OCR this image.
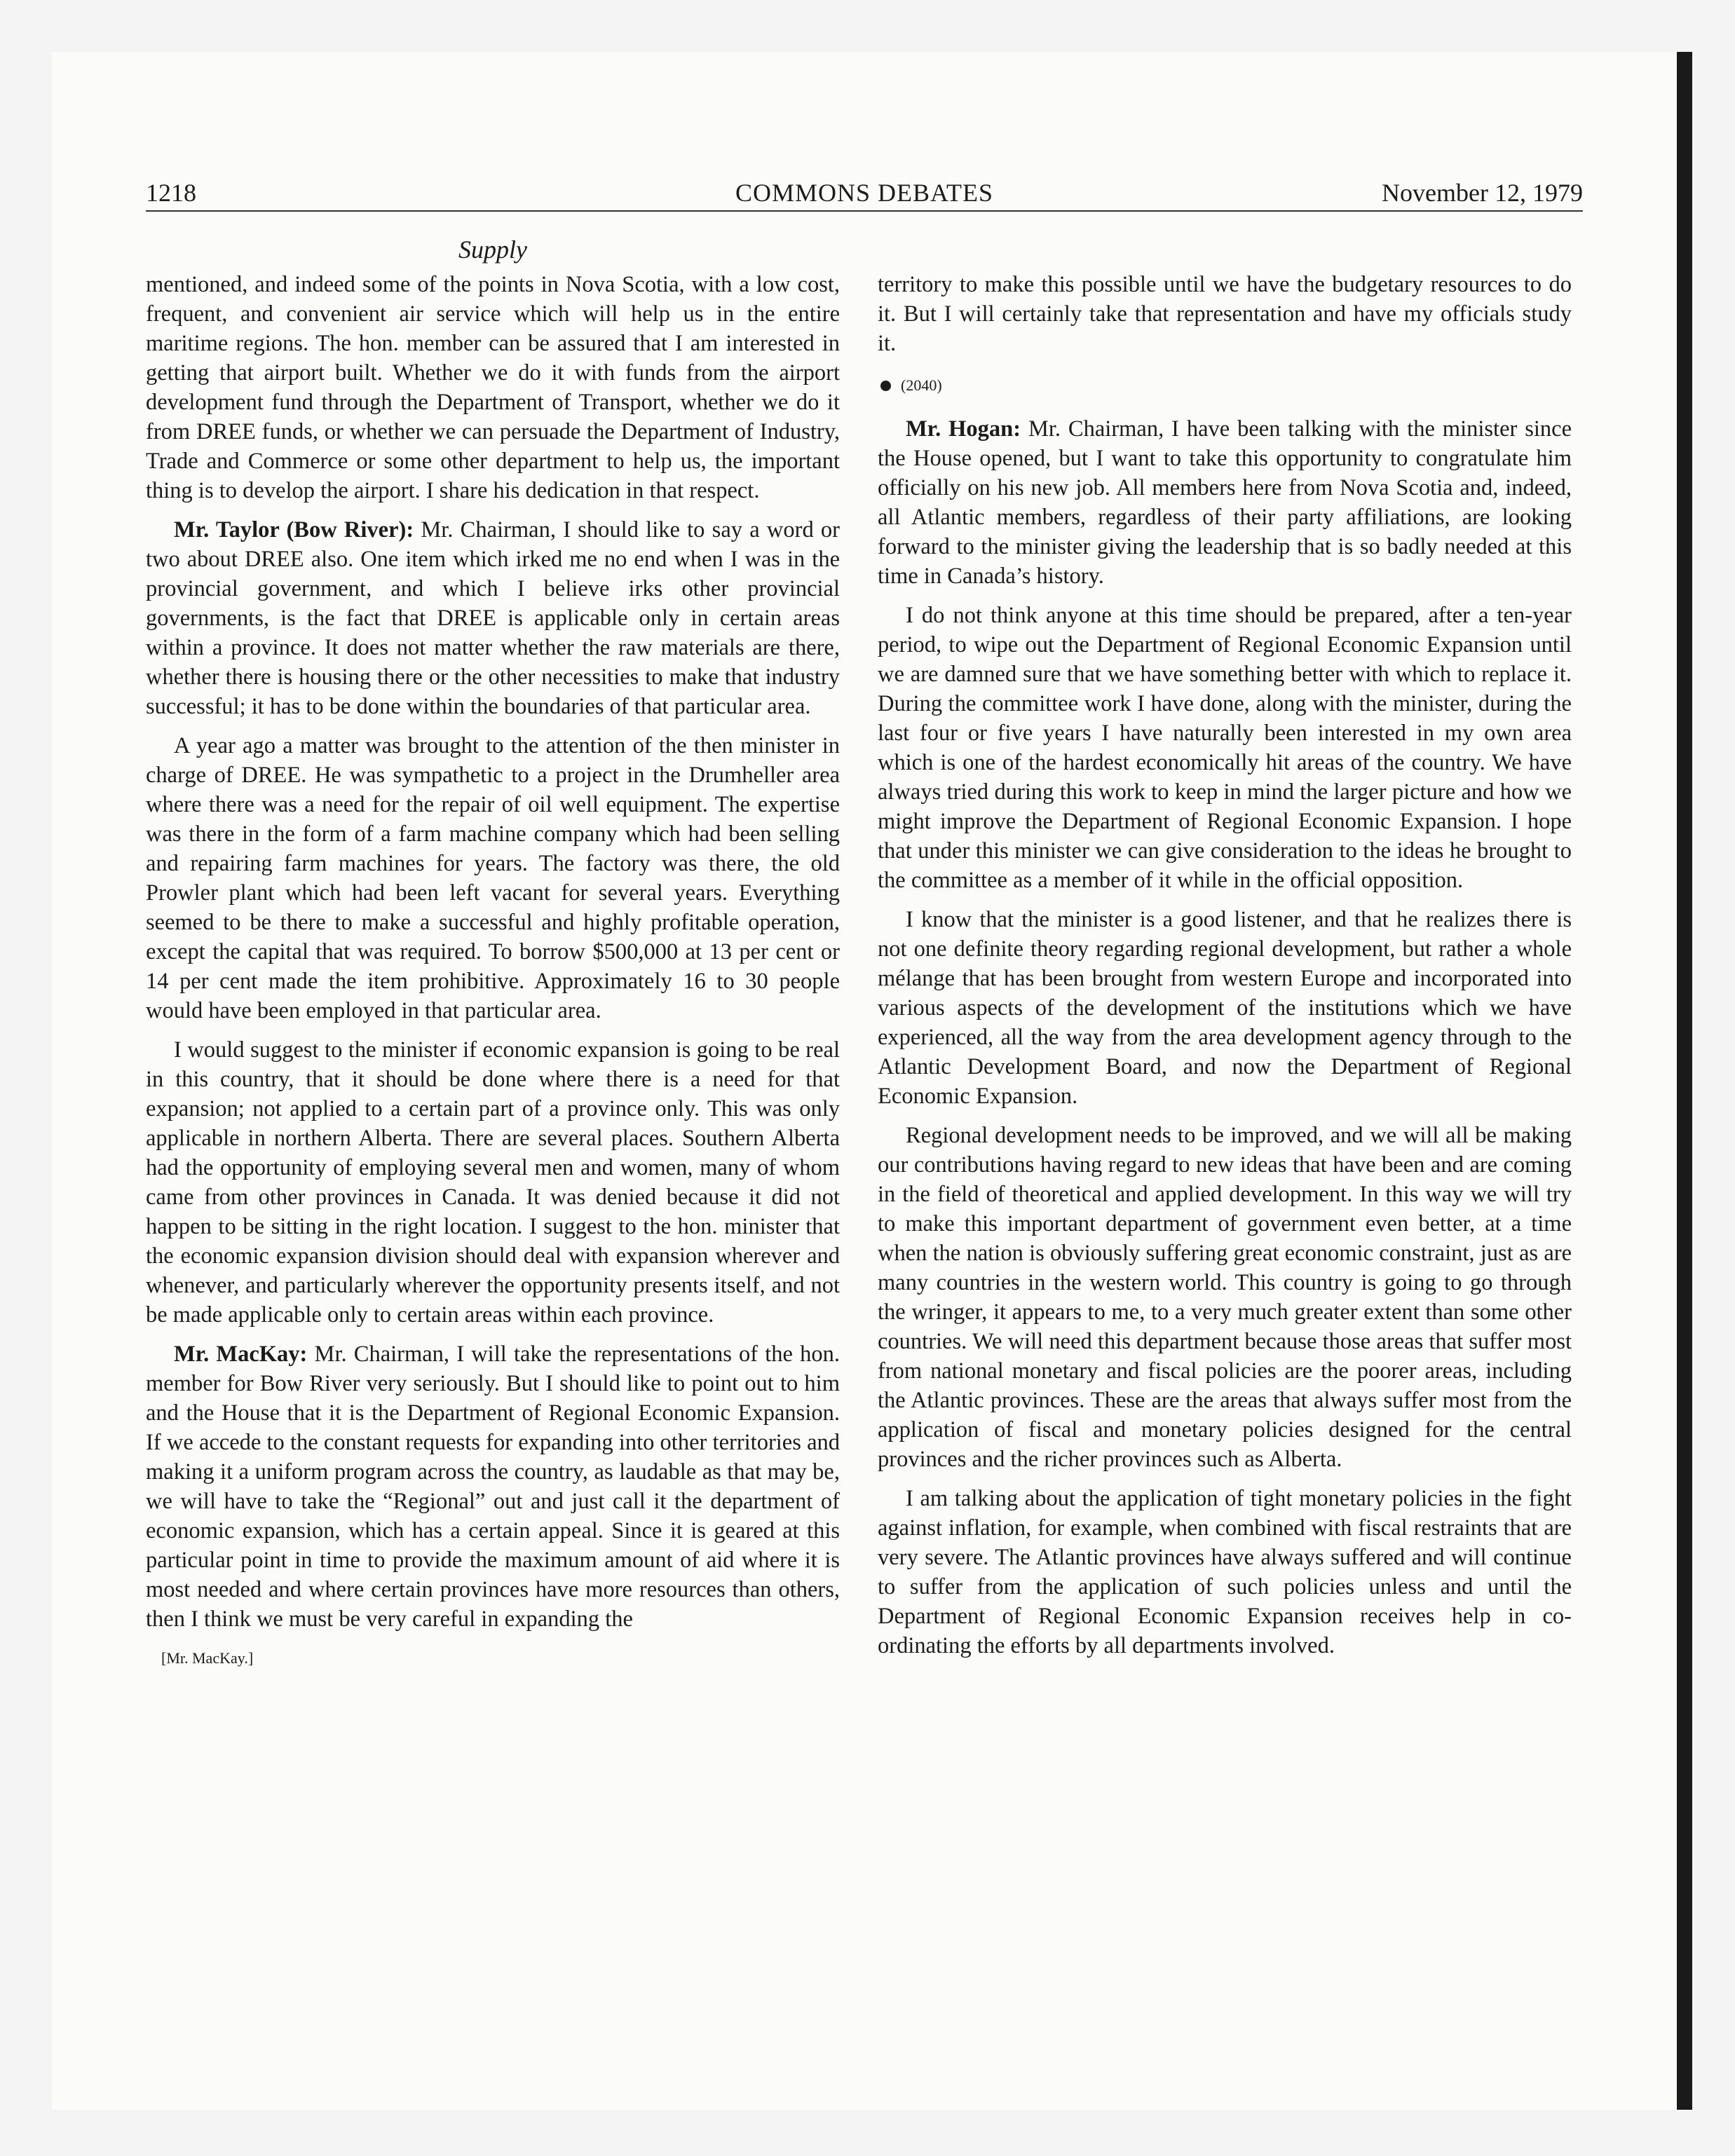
1218	COMMONS DEBATES	November 12, 1979
Supply

mentioned, and indeed some of the points in Nova Scotia, with a low cost, frequent, and convenient air service which will help us in the entire maritime regions. The hon. member can be assured that I am interested in getting that airport built. Whether we do it with funds from the airport development fund through the Department of Transport, whether we do it from DREE funds, or whether we can persuade the Department of Industry, Trade and Commerce or some other department to help us, the important thing is to develop the airport. I share his dedication in that respect.

Mr. Taylor (Bow River): Mr. Chairman, I should like to say a word or two about DREE also. One item which irked me no end when I was in the provincial government, and which I believe irks other provincial governments, is the fact that DREE is applicable only in certain areas within a province. It does not matter whether the raw materials are there, whether there is housing there or the other necessities to make that industry successful; it has to be done within the boundaries of that particular area.

A year ago a matter was brought to the attention of the then minister in charge of DREE. He was sympathetic to a project in the Drumheller area where there was a need for the repair of oil well equipment. The expertise was there in the form of a farm machine company which had been selling and repairing farm machines for years. The factory was there, the old Prowler plant which had been left vacant for several years. Everything seemed to be there to make a successful and highly profitable operation, except the capital that was required. To borrow $500,000 at 13 per cent or 14 per cent made the item prohibitive. Approximately 16 to 30 people would have been employed in that particular area.

I would suggest to the minister if economic expansion is going to be real in this country, that it should be done where there is a need for that expansion; not applied to a certain part of a province only. This was only applicable in northern Alberta. There are several places. Southern Alberta had the opportunity of employing several men and women, many of whom came from other provinces in Canada. It was denied because it did not happen to be sitting in the right location. I suggest to the hon. minister that the economic expansion division should deal with expansion wherever and whenever, and particularly wherever the opportunity presents itself, and not be made applicable only to certain areas within each province.

Mr. MacKay: Mr. Chairman, I will take the representations of the hon. member for Bow River very seriously. But I should like to point out to him and the House that it is the Department of Regional Economic Expansion. If we accede to the constant requests for expanding into other territories and making it a uniform program across the country, as laudable as that may be, we will have to take the “Regional” out and just call it the department of economic expansion, which has a certain appeal. Since it is geared at this particular point in time to provide the maximum amount of aid where it is most needed and where certain provinces have more resources than others, then I think we must be very careful in expanding the

[Mr. MacKay.]

territory to make this possible until we have the budgetary resources to do it. But I will certainly take that representation and have my officials study it.

(2040)

Mr. Hogan: Mr. Chairman, I have been talking with the minister since the House opened, but I want to take this opportunity to congratulate him officially on his new job. All members here from Nova Scotia and, indeed, all Atlantic members, regardless of their party affiliations, are looking forward to the minister giving the leadership that is so badly needed at this time in Canada’s history.

I do not think anyone at this time should be prepared, after a ten-year period, to wipe out the Department of Regional Economic Expansion until we are damned sure that we have something better with which to replace it. During the committee work I have done, along with the minister, during the last four or five years I have naturally been interested in my own area which is one of the hardest economically hit areas of the country. We have always tried during this work to keep in mind the larger picture and how we might improve the Department of Regional Economic Expansion. I hope that under this minister we can give consideration to the ideas he brought to the committee as a member of it while in the official opposition.

I know that the minister is a good listener, and that he realizes there is not one definite theory regarding regional development, but rather a whole mélange that has been brought from western Europe and incorporated into various aspects of the development of the institutions which we have experienced, all the way from the area development agency through to the Atlantic Development Board, and now the Department of Regional Economic Expansion.

Regional development needs to be improved, and we will all be making our contributions having regard to new ideas that have been and are coming in the field of theoretical and applied development. In this way we will try to make this important department of government even better, at a time when the nation is obviously suffering great economic constraint, just as are many countries in the western world. This country is going to go through the wringer, it appears to me, to a very much greater extent than some other countries. We will need this department because those areas that suffer most from national monetary and fiscal policies are the poorer areas, including the Atlantic provinces. These are the areas that always suffer most from the application of fiscal and monetary policies designed for the central provinces and the richer provinces such as Alberta.

I am talking about the application of tight monetary policies in the fight against inflation, for example, when combined with fiscal restraints that are very severe. The Atlantic provinces have always suffered and will continue to suffer from the application of such policies unless and until the Department of Regional Economic Expansion receives help in co-ordinating the efforts by all departments involved.
